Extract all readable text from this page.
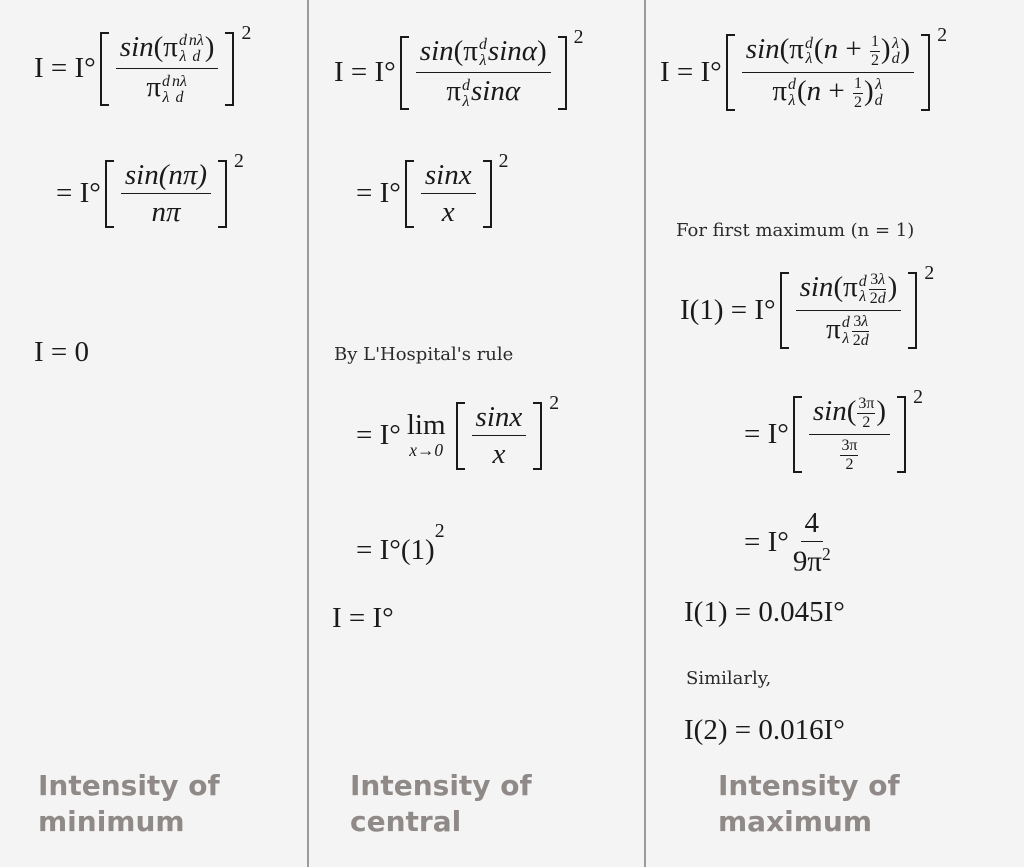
I = I° sin(π d
λ
nλ
d )
π d
λ
nλ
d $^2$
= $I^\circ \frac{\sin(n\pi)}{n\pi} ^2$
I = 0
Intensity of
minimum
I = I° sin(π d
λ sinα)
π d
λ sinα $^2$
= $I^\circ \frac{\sin x}{x} ^2$
By L'Hospital's rule
= I° lim
$x\to 0 \frac{\sin x}{x} ^2$
= I°(1)
$^2$
I = I°
Intensity of
central
I = I° sin(π d
λ ($n + \frac{1}{2}$ ) λ
d )
π d
λ ($n + \frac{1}{2}$ ) λ
d $^2$
For first maximum (n = 1)
I(1) = I° sin(π d
λ $\frac{3\lambda}{2d}$ )
π d
λ $\frac{3\lambda}{2d} ^2$
= $I^\circ \frac{\sin( \frac{3\pi}{2} )}{\frac{3\pi}{2}} ^2$
= $I^\circ \frac{4}{9\pi^2}$
I(1) = 0.045I°
Similarly,
I(2) = 0.016I°
Intensity of
maximum
